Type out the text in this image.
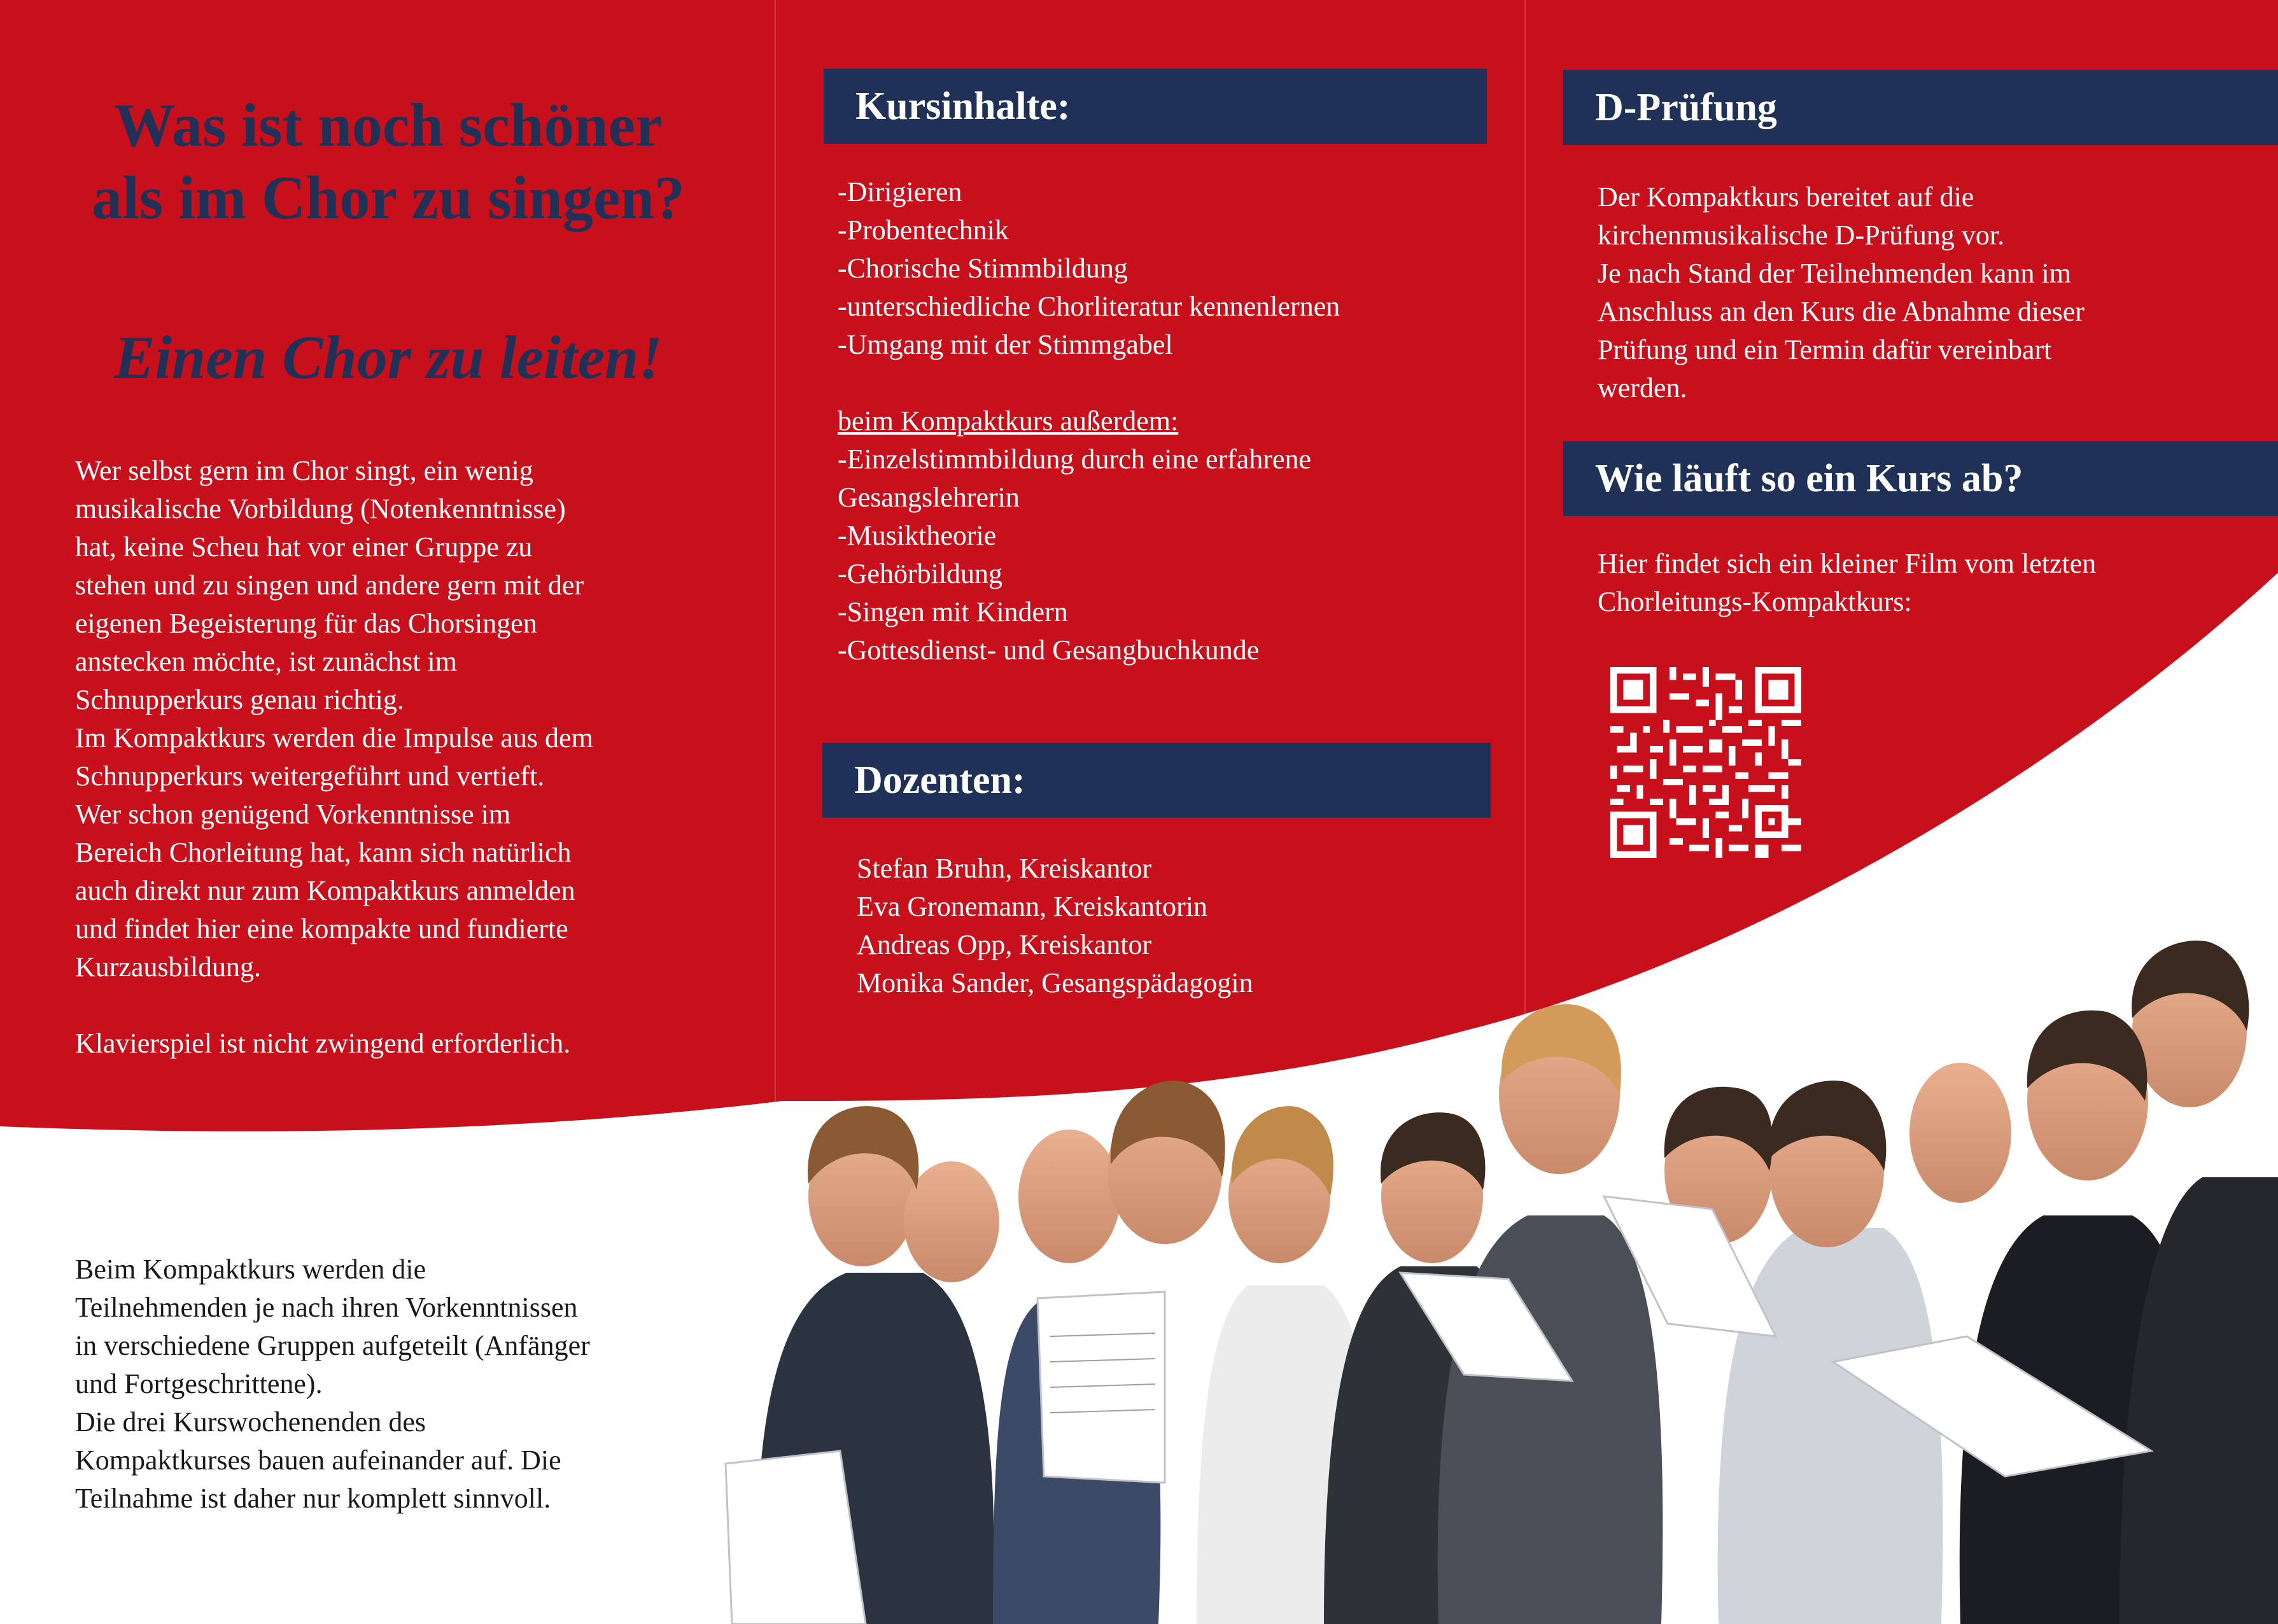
Was ist noch schöner
als im Chor zu singen?
Einen Chor zu leiten!
Wer selbst gern im Chor singt, ein wenig
musikalische Vorbildung (Notenkenntnisse)
hat, keine Scheu hat vor einer Gruppe zu
stehen und zu singen und andere gern mit der
eigenen Begeisterung für das Chorsingen
anstecken möchte, ist zunächst im
Schnupperkurs genau richtig.
Im Kompaktkurs werden die Impulse aus dem
Schnupperkurs weitergeführt und vertieft.
Wer schon genügend Vorkenntnisse im
Bereich Chorleitung hat, kann sich natürlich
auch direkt nur zum Kompaktkurs anmelden
und findet hier eine kompakte und fundierte
Kurzausbildung.
Klavierspiel ist nicht zwingend erforderlich.
Beim Kompaktkurs werden die
Teilnehmenden je nach ihren Vorkenntnissen
in verschiedene Gruppen aufgeteilt (Anfänger
und Fortgeschrittene).
Die drei Kurswochenenden des
Kompaktkurses bauen aufeinander auf. Die
Teilnahme ist daher nur komplett sinnvoll.
Kursinhalte:
-Dirigieren
-Probentechnik
-Chorische Stimmbildung
-unterschiedliche Chorliteratur kennenlernen
-Umgang mit der Stimmgabel
beim Kompaktkurs außerdem:
-Einzelstimmbildung durch eine erfahrene
Gesangslehrerin
-Musiktheorie
-Gehörbildung
-Singen mit Kindern
-Gottesdienst- und Gesangbuchkunde
Dozenten:
Stefan Bruhn, Kreiskantor
Eva Gronemann, Kreiskantorin
Andreas Opp, Kreiskantor
Monika Sander, Gesangspädagogin
D-Prüfung
Der Kompaktkurs bereitet auf die
kirchenmusikalische D-Prüfung vor.
Je nach Stand der Teilnehmenden kann im
Anschluss an den Kurs die Abnahme dieser
Prüfung und ein Termin dafür vereinbart
werden.
Wie läuft so ein Kurs ab?
Hier findet sich ein kleiner Film vom letzten
Chorleitungs-Kompaktkurs:
